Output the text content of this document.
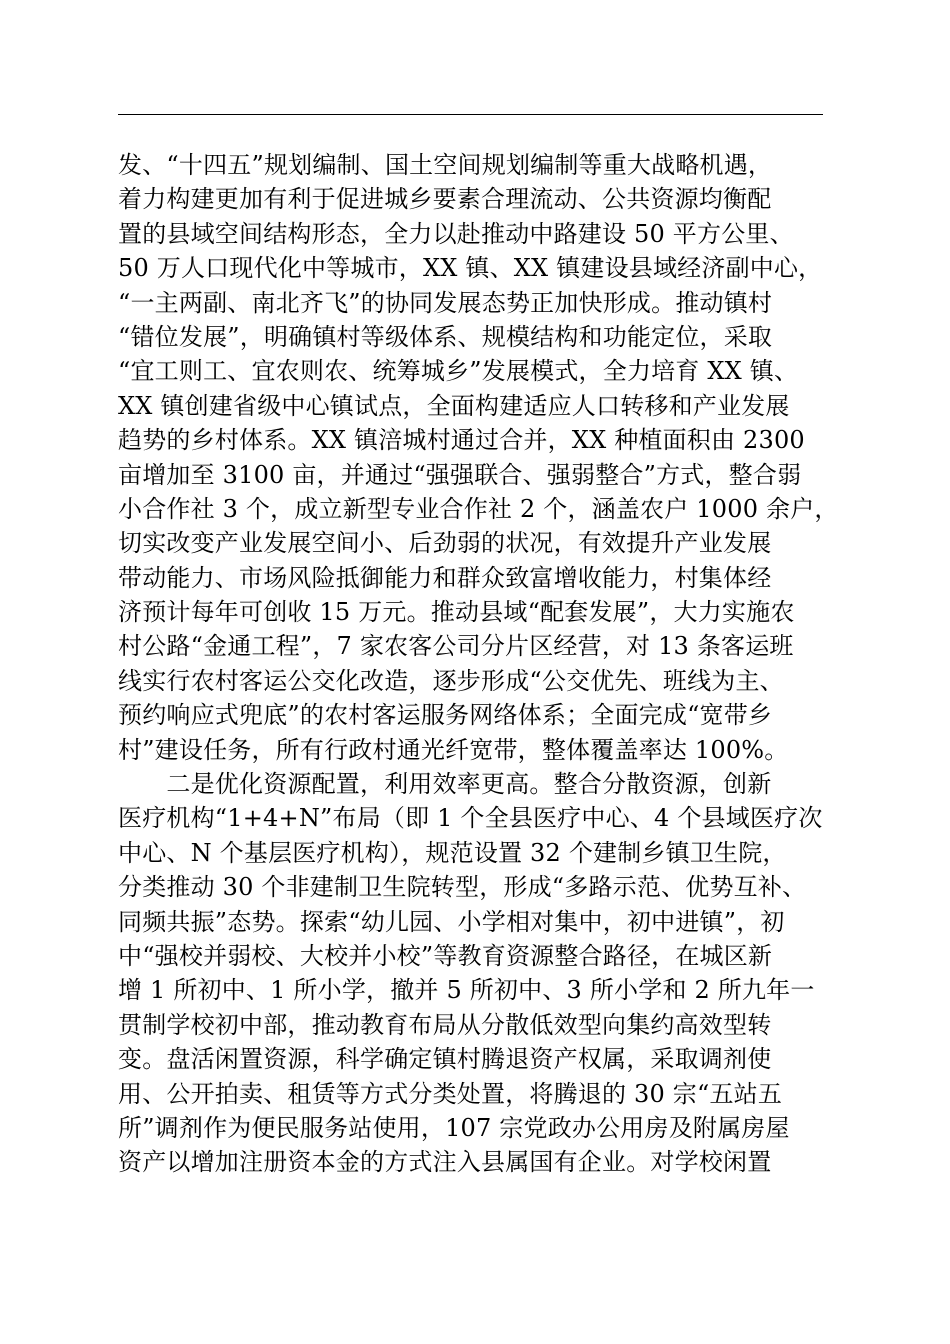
发、“十四五”规划编制、国土空间规划编制等重大战略机遇，
着力构建更加有利于促进城乡要素合理流动、公共资源均衡配
置的县域空间结构形态，全力以赴推动中路建设 50 平方公里、
50 万人口现代化中等城市，XX 镇、XX 镇建设县域经济副中心，
“一主两副、南北齐飞”的协同发展态势正加快形成。推动镇村
“错位发展”，明确镇村等级体系、规模结构和功能定位，采取
“宜工则工、宜农则农、统筹城乡”发展模式，全力培育 XX 镇、
XX 镇创建省级中心镇试点，全面构建适应人口转移和产业发展
趋势的乡村体系。XX 镇涪城村通过合并，XX 种植面积由 2300
亩增加至 3100 亩，并通过“强强联合、强弱整合”方式，整合弱
小合作社 3 个，成立新型专业合作社 2 个，涵盖农户 1000 余户，
切实改变产业发展空间小、后劲弱的状况，有效提升产业发展
带动能力、市场风险抵御能力和群众致富增收能力，村集体经
济预计每年可创收 15 万元。推动县域“配套发展”，大力实施农
村公路“金通工程”，7 家农客公司分片区经营，对 13 条客运班
线实行农村客运公交化改造，逐步形成“公交优先、班线为主、
预约响应式兜底”的农村客运服务网络体系；全面完成“宽带乡
村”建设任务，所有行政村通光纤宽带，整体覆盖率达 100%。
　　二是优化资源配置，利用效率更高。整合分散资源，创新
医疗机构“1+4+N”布局（即 1 个全县医疗中心、4 个县域医疗次
中心、N 个基层医疗机构），规范设置 32 个建制乡镇卫生院，
分类推动 30 个非建制卫生院转型，形成“多路示范、优势互补、
同频共振”态势。探索“幼儿园、小学相对集中，初中进镇”，初
中“强校并弱校、大校并小校”等教育资源整合路径，在城区新
增 1 所初中、1 所小学，撤并 5 所初中、3 所小学和 2 所九年一
贯制学校初中部，推动教育布局从分散低效型向集约高效型转
变。盘活闲置资源，科学确定镇村腾退资产权属，采取调剂使
用、公开拍卖、租赁等方式分类处置，将腾退的 30 宗“五站五
所”调剂作为便民服务站使用，107 宗党政办公用房及附属房屋
资产以增加注册资本金的方式注入县属国有企业。对学校闲置
